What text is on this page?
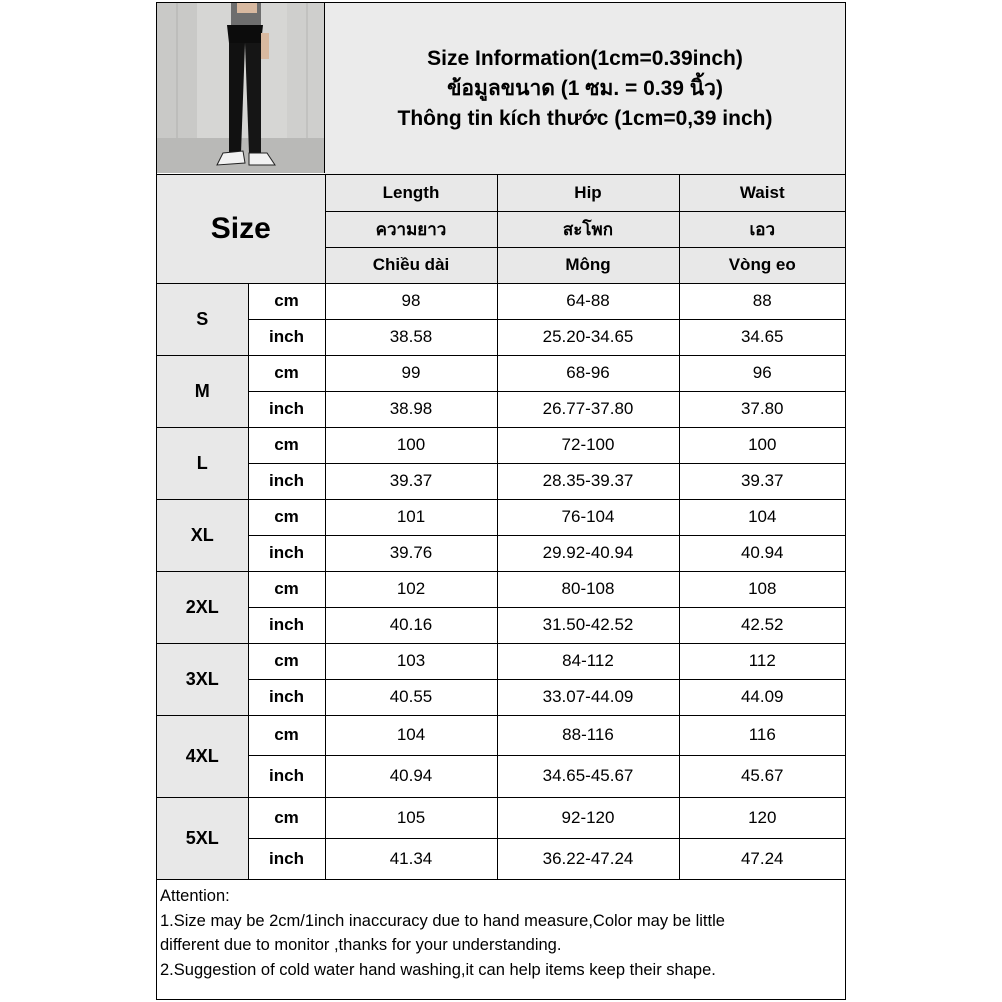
Size Information(1cm=0.39inch)
ข้อมูลขนาด (1 ซม. = 0.39 นิ้ว)
Thông tin kích thước (1cm=0,39 inch)
Size		Length	Hip	Waist
		ความยาว	สะโพก	เอว
		Chiều dài	Mông	Vòng eo
S	cm	98	64-88	88
	inch	38.58	25.20-34.65	34.65
M	cm	99	68-96	96
	inch	38.98	26.77-37.80	37.80
L	cm	100	72-100	100
	inch	39.37	28.35-39.37	39.37
XL	cm	101	76-104	104
	inch	39.76	29.92-40.94	40.94
2XL	cm	102	80-108	108
	inch	40.16	31.50-42.52	42.52
3XL	cm	103	84-112	112
	inch	40.55	33.07-44.09	44.09
4XL	cm	104	88-116	116
	inch	40.94	34.65-45.67	45.67
5XL	cm	105	92-120	120
	inch	41.34	36.22-47.24	47.24
Attention:
1.Size may be 2cm/1inch inaccuracy due to hand measure,Color may be little
different due to monitor ,thanks for your understanding.
2.Suggestion of cold water hand washing,it can help items keep their shape.
